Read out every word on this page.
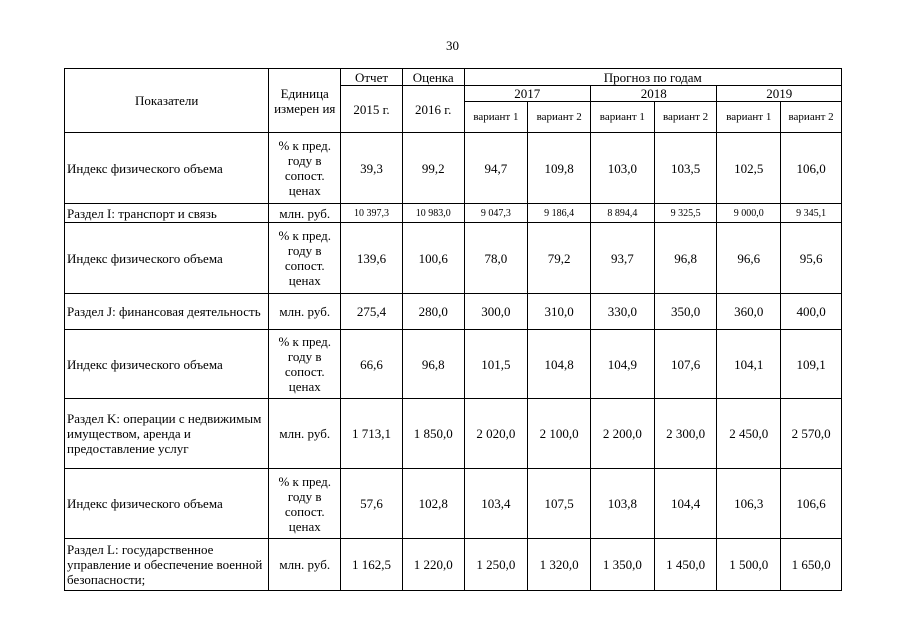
30
Показатели	Единица измерен ия	Отчет	Оценка	Прогноз по годам					
		2015 г.	2016 г.	2017		2018		2019	
				вариант 1	вариант 2	вариант 1	вариант 2	вариант 1	вариант 2
Индекс физического объема	% к пред. году в сопост. ценах	39,3	99,2	94,7	109,8	103,0	103,5	102,5	106,0
Раздел I: транспорт и связь	млн. руб.	10 397,3	10 983,0	9 047,3	9 186,4	8 894,4	9 325,5	9 000,0	9 345,1
Индекс физического объема	% к пред. году в сопост. ценах	139,6	100,6	78,0	79,2	93,7	96,8	96,6	95,6
Раздел J: финансовая деятельность	млн. руб.	275,4	280,0	300,0	310,0	330,0	350,0	360,0	400,0
Индекс физического объема	% к пред. году в сопост. ценах	66,6	96,8	101,5	104,8	104,9	107,6	104,1	109,1
Раздел K: операции с недвижимым имуществом, аренда и предоставление услуг	млн. руб.	1 713,1	1 850,0	2 020,0	2 100,0	2 200,0	2 300,0	2 450,0	2 570,0
Индекс физического объема	% к пред. году в сопост. ценах	57,6	102,8	103,4	107,5	103,8	104,4	106,3	106,6
Раздел L: государственное управление и обеспечение военной безопасности;	млн. руб.	1 162,5	1 220,0	1 250,0	1 320,0	1 350,0	1 450,0	1 500,0	1 650,0
